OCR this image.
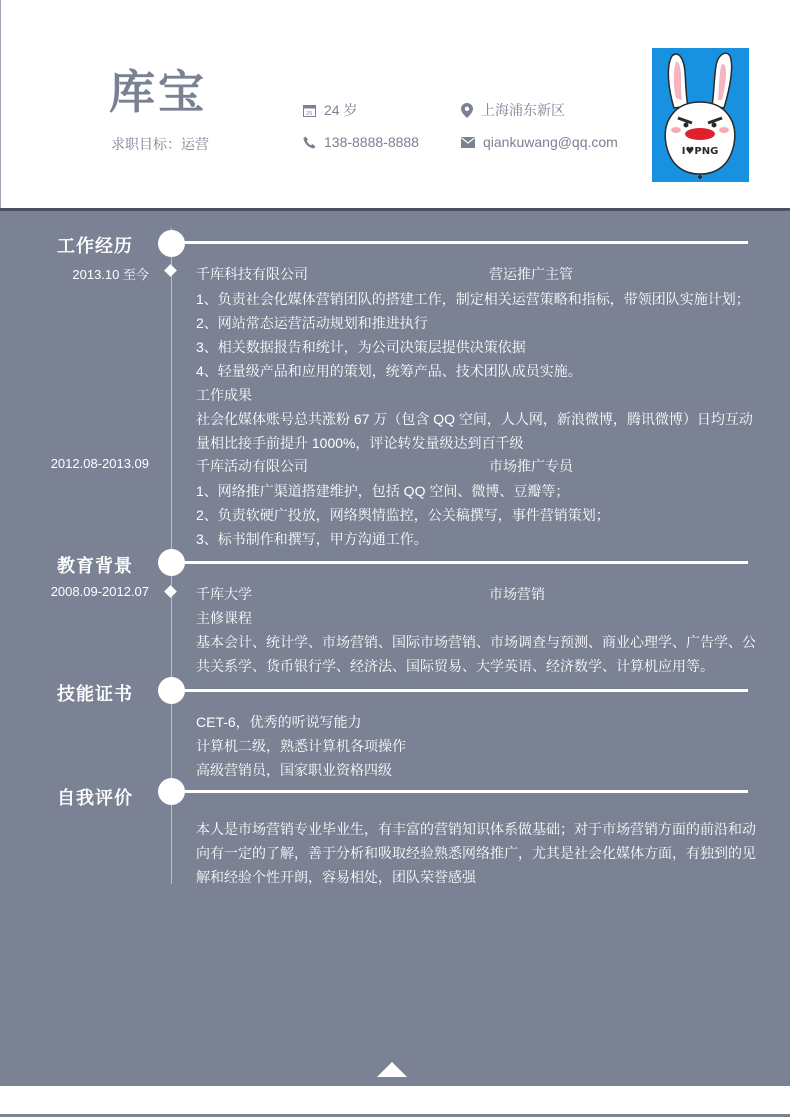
库宝
求职目标：运营
25 24 岁	上海浦东新区
138-8888-8888	qiankuwang@qq.com
I♥PNG
工作经历
2013.10 至今	千库科技有限公司	营运推广主管
1、负责社会化媒体营销团队的搭建工作，制定相关运营策略和指标，带领团队实施计划；
2、网站常态运营活动规划和推进执行
3、相关数据报告和统计，为公司决策层提供决策依据
4、轻量级产品和应用的策划，统筹产品、技术团队成员实施。
工作成果
社会化媒体账号总共涨粉 67 万（包含 QQ 空间，人人网，新浪微博，腾讯微博）日均互动
量相比接手前提升 1000%，评论转发量级达到百千级
2012.08-2013.09	千库活动有限公司	市场推广专员
1、网络推广渠道搭建维护，包括 QQ 空间、微博、豆瓣等；
2、负责软硬广投放，网络舆情监控，公关稿撰写，事件营销策划；
3、标书制作和撰写，甲方沟通工作。
教育背景
2008.09-2012.07	千库大学	市场营销
主修课程
基本会计、统计学、市场营销、国际市场营销、市场调查与预测、商业心理学、广告学、公
共关系学、货币银行学、经济法、国际贸易、大学英语、经济数学、计算机应用等。
技能证书
CET-6，优秀的听说写能力
计算机二级，熟悉计算机各项操作
高级营销员，国家职业资格四级
自我评价
本人是市场营销专业毕业生，有丰富的营销知识体系做基础；对于市场营销方面的前沿和动
向有一定的了解，善于分析和吸取经验熟悉网络推广，尤其是社会化媒体方面，有独到的见
解和经验个性开朗，容易相处，团队荣誉感强
